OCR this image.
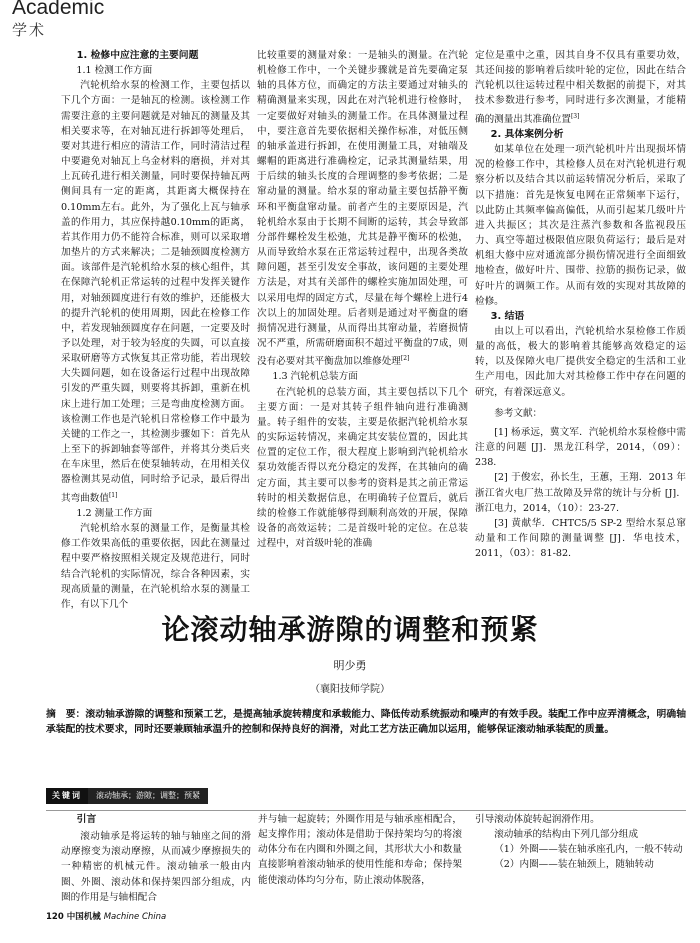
Academic
学术
1. 检修中应注意的主要问题
1.1 检测工作方面

汽轮机给水泵的检测工作，主要包括以下几个方面：一是轴瓦的检测。该检测工作需要注意的主要问题就是对轴瓦的测量及其相关要求等，在对轴瓦进行拆卸等处理后，要对其进行相应的清洁工作，同时清洁过程中要避免对轴瓦上乌金材料的磨损，并对其上瓦砖孔进行相关测量，同时要保持轴瓦两侧间具有一定的距离，其距离大概保持在0.10mm左右。此外，为了强化上瓦与轴承盖的作用力，其应保持越0.10mm的距离，若其作用力仍不能符合标准，则可以采取增加垫片的方式来解决；二是轴颈圆度检测方面。该部件是汽轮机给水泵的核心组件，其在保障汽轮机正常运转的过程中发挥关键作用，对轴颈圆度进行有效的维护，还能极大的提升汽轮机的使用周期，因此在检修工作中，若发现轴颈圆度存在问题，一定要及时予以处理，对于较为轻度的失圆，可以直接采取研磨等方式恢复其正常功能，若出现较大失圆问题，如在设备运行过程中出现故障引发的严重失圆，则要将其拆卸，重新在机床上进行加工处理；三是弯曲度检测方面。该检测工作也是汽轮机日常检修工作中最为关键的工作之一，其检测步骤如下：首先从上至下的拆卸轴套等部件，并将其分类后夹在车床里，然后在使泵轴转动，在用相关仪器检测其晃动值，同时给予记录，最后得出其弯曲数值[1]

1.2 测量工作方面

汽轮机给水泵的测量工作，是衡量其检修工作效果高低的重要依据，因此在测量过程中要严格按照相关规定及规范进行，同时结合汽轮机的实际情况，综合各种因素，实现高质量的测量，在汽轮机给水泵的测量工作，有以下几个

比较重要的测量对象：一是轴头的测量。在汽轮机检修工作中，一个关键步骤就是首先要确定泵轴的具体方位，而确定的方法主要通过对轴头的精确测量来实现，因此在对汽轮机进行检修时，一定要做好对轴头的测量工作。在具体测量过程中，要注意首先要依据相关操作标准，对低压侧的轴承盖进行拆卸，在使用测量工具，对轴端及螺帽的距离进行准确检定，记录其测量结果，用于后续的轴头长度的合理调整的参考依据；二是窜动量的测量。给水泵的窜动量主要包括静平衡环和平衡盘窜动量。前者产生的主要原因是，汽轮机给水泵由于长期不间断的运转，其会导致部分部件螺栓发生松弛，尤其是静平衡环的松弛，从而导致给水泵在正常运转过程中，出现各类故障问题，甚至引发安全事故，该问题的主要处理方法是，对其有关部件的螺栓实施加固处理，可以采用电焊的固定方式，尽量在每个螺栓上进行4次以上的加固处理。后者则是通过对平衡盘的磨损情况进行测量，从而得出其窜动量，若磨损情况不严重，所需研磨面积不超过平衡盘的7成，则没有必要对其平衡盘加以维修处理[2]

1.3 汽轮机总装方面

在汽轮机的总装方面，其主要包括以下几个主要方面：一是对其转子组件轴向进行准确测量。转子组件的安装，主要是依据汽轮机给水泵的实际运转情况，来确定其安装位置的，因此其位置的定位工作，很大程度上影响到汽轮机给水泵功效能否得以充分稳定的发挥，在其轴向的确定方面，其主要可以参考的资料是其之前正常运转时的相关数据信息，在明确转子位置后，就后续的检修工作就能够得到顺利高效的开展，保障设备的高效运转；二是首级叶轮的定位。在总装过程中，对首级叶轮的准确

定位是重中之重，因其自身不仅具有重要功效，其还间接的影响着后续叶轮的定位，因此在结合汽轮机以往运转过程中相关数据的前提下，对其技术参数进行参考，同时进行多次测量，才能精确的测量出其准确位置[3]

2. 具体案例分析

如某单位在处理一项汽轮机叶片出现损坏情况的检修工作中，其检修人员在对汽轮机进行观察分析以及结合其以前运转情况分析后，采取了以下措施：首先是恢复电网在正常频率下运行，以此防止其频率偏高偏低，从而引起某几级叶片进入共振区；其次是注蒸汽参数和各监视段压力、真空等超过极限值应限负荷运行；最后是对机组大修中应对通流部分损伤情况进行全面细致地检查，做好叶片、围带、拉筋的损伤记录，做好叶片的调频工作。从而有效的实现对其故障的检修。

3. 结语

由以上可以看出，汽轮机给水泵检修工作质量的高低，极大的影响着其能够高效稳定的运转，以及保障火电厂提供安全稳定的生活和工业生产用电，因此加大对其检修工作中存在问题的研究，有着深远意义。

参考文献：

[1] 杨承远，冀文军．汽轮机给水泵检修中需注意的问题 [J]．黑龙江科学，2014，（09）：238.

[2] 于俊宏，孙长生，王蕙，王翔．2013 年浙江省火电厂热工故障及异常的统计与分析 [J]．浙江电力，2014，（10）：23-27.

[3] 黄献华．CHTC5/5 SP-2 型给水泵总窜动量和工作间隙的测量调整 [J]．华电技术，2011，（03）：81-82.

论滚动轴承游隙的调整和预紧
明少勇
（襄阳技师学院）
摘　要：滚动轴承游隙的调整和预紧工艺，是提高轴承旋转精度和承载能力、降低传动系统振动和噪声的有效手段。装配工作中应弄清概念，明确轴承装配的技术要求，同时还要兼顾轴承温升的控制和保持良好的润滑，对此工艺方法正确加以运用，能够保证滚动轴承装配的质量。
关键词	滚动轴承；游隙；调整；预紧
引言

滚动轴承是将运转的轴与轴座之间的滑动摩擦变为滚动摩擦，从而减少摩擦损失的一种精密的机械元件。滚动轴承一般由内圈、外圈、滚动体和保持架四部分组成，内圈的作用是与轴相配合

并与轴一起旋转；外圈作用是与轴承座相配合，起支撑作用；滚动体是借助于保持架均匀的将滚动体分布在内圈和外圈之间，其形状大小和数量直接影响着滚动轴承的使用性能和寿命；保持架能使滚动体均匀分布，防止滚动体脱落，

引导滚动体旋转起润滑作用。

滚动轴承的结构由下列几部分组成

（1）外圈——装在轴承座孔内，一般不转动

（2）内圈——装在轴颈上，随轴转动

120 中国机械 Machine China
